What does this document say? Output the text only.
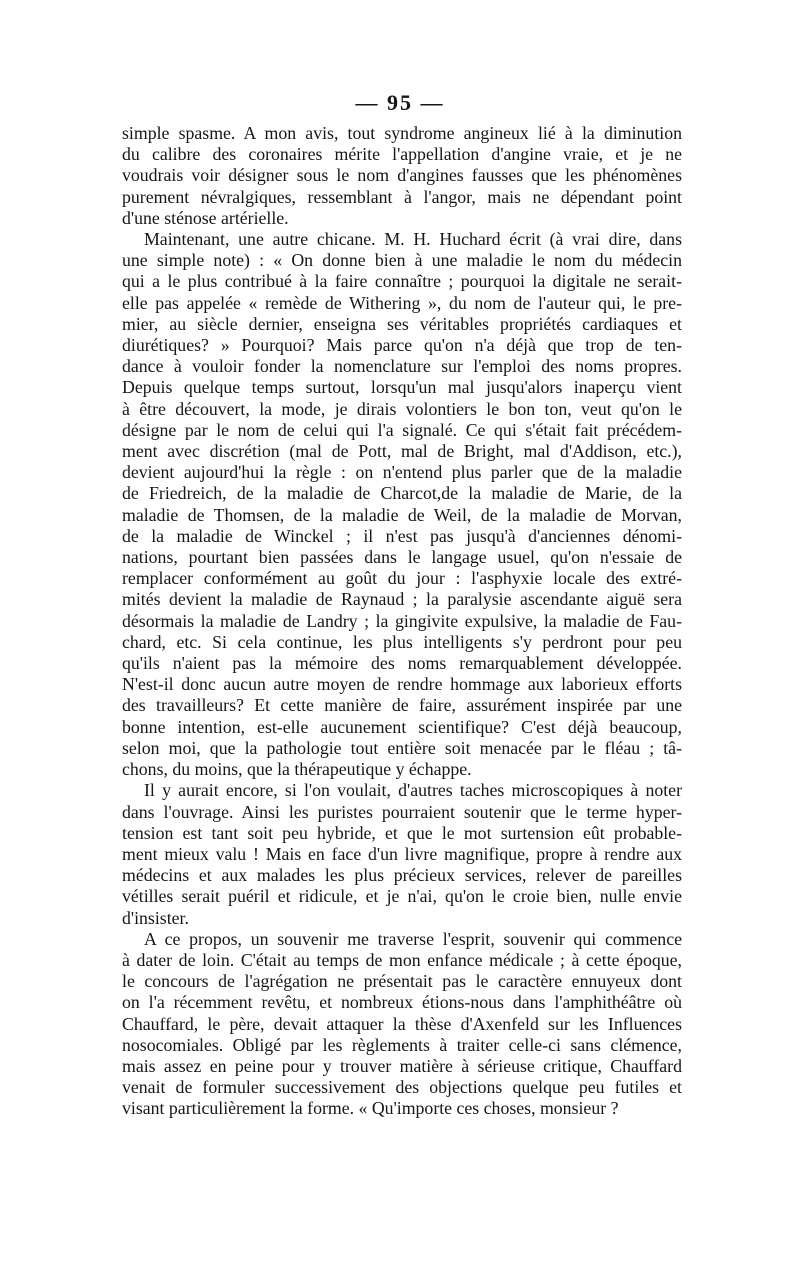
— 95 —
simple spasme. A mon avis, tout syndrome angineux lié à la diminution
du calibre des coronaires mérite l'appellation d'angine vraie, et je ne
voudrais voir désigner sous le nom d'angines fausses que les phénomènes
purement névralgiques, ressemblant à l'angor, mais ne dépendant point
d'une sténose artérielle.
Maintenant, une autre chicane. M. H. Huchard écrit (à vrai dire, dans
une simple note) : « On donne bien à une maladie le nom du médecin
qui a le plus contribué à la faire connaître ; pourquoi la digitale ne serait-
elle pas appelée « remède de Withering », du nom de l'auteur qui, le pre-
mier, au siècle dernier, enseigna ses véritables propriétés cardiaques et
diurétiques? » Pourquoi? Mais parce qu'on n'a déjà que trop de ten-
dance à vouloir fonder la nomenclature sur l'emploi des noms propres.
Depuis quelque temps surtout, lorsqu'un mal jusqu'alors inaperçu vient
à être découvert, la mode, je dirais volontiers le bon ton, veut qu'on le
désigne par le nom de celui qui l'a signalé. Ce qui s'était fait précédem-
ment avec discrétion (mal de Pott, mal de Bright, mal d'Addison, etc.),
devient aujourd'hui la règle : on n'entend plus parler que de la maladie
de Friedreich, de la maladie de Charcot,de la maladie de Marie, de la
maladie de Thomsen, de la maladie de Weil, de la maladie de Morvan,
de la maladie de Winckel ; il n'est pas jusqu'à d'anciennes dénomi-
nations, pourtant bien passées dans le langage usuel, qu'on n'essaie de
remplacer conformément au goût du jour : l'asphyxie locale des extré-
mités devient la maladie de Raynaud ; la paralysie ascendante aiguë sera
désormais la maladie de Landry ; la gingivite expulsive, la maladie de Fau-
chard, etc. Si cela continue, les plus intelligents s'y perdront pour peu
qu'ils n'aient pas la mémoire des noms remarquablement développée.
N'est-il donc aucun autre moyen de rendre hommage aux laborieux efforts
des travailleurs? Et cette manière de faire, assurément inspirée par une
bonne intention, est-elle aucunement scientifique? C'est déjà beaucoup,
selon moi, que la pathologie tout entière soit menacée par le fléau ; tâ-
chons, du moins, que la thérapeutique y échappe.
Il y aurait encore, si l'on voulait, d'autres taches microscopiques à noter
dans l'ouvrage. Ainsi les puristes pourraient soutenir que le terme hyper-
tension est tant soit peu hybride, et que le mot surtension eût probable-
ment mieux valu ! Mais en face d'un livre magnifique, propre à rendre aux
médecins et aux malades les plus précieux services, relever de pareilles
vétilles serait puéril et ridicule, et je n'ai, qu'on le croie bien, nulle envie
d'insister.
A ce propos, un souvenir me traverse l'esprit, souvenir qui commence
à dater de loin. C'était au temps de mon enfance médicale ; à cette époque,
le concours de l'agrégation ne présentait pas le caractère ennuyeux dont
on l'a récemment revêtu, et nombreux étions-nous dans l'amphithéâtre où
Chauffard, le père, devait attaquer la thèse d'Axenfeld sur les Influences
nosocomiales. Obligé par les règlements à traiter celle-ci sans clémence,
mais assez en peine pour y trouver matière à sérieuse critique, Chauffard
venait de formuler successivement des objections quelque peu futiles et
visant particulièrement la forme. « Qu'importe ces choses, monsieur ?
